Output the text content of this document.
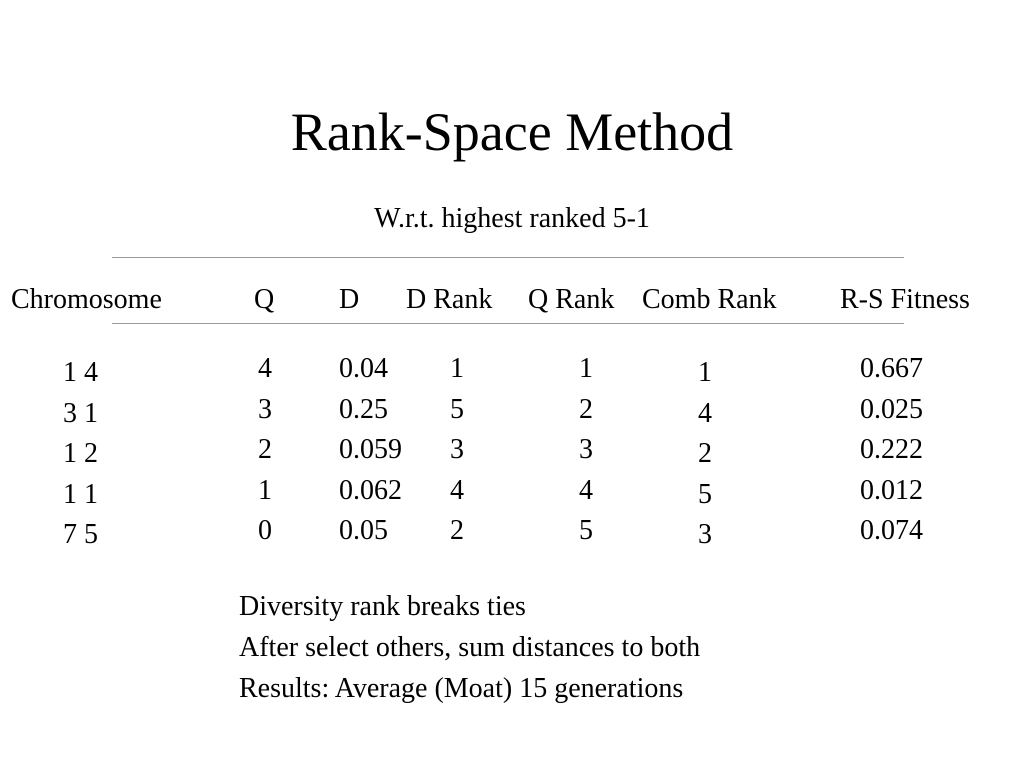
Rank-Space Method
W.r.t. highest ranked 5-1
Chromosome	Q D D Rank Q Rank Comb Rank R-S Fitness
1 4
3 1
1 2
1 1
7 5
4
3
2
1
0
0.04
0.25
0.059
0.062
0.05
1
5
3
4
2
1
2
3
4
5
1
4
2
5
3
0.667
0.025
0.222
0.012
0.074
Diversity rank breaks ties
After select others, sum distances to both
Results: Average (Moat) 15 generations
